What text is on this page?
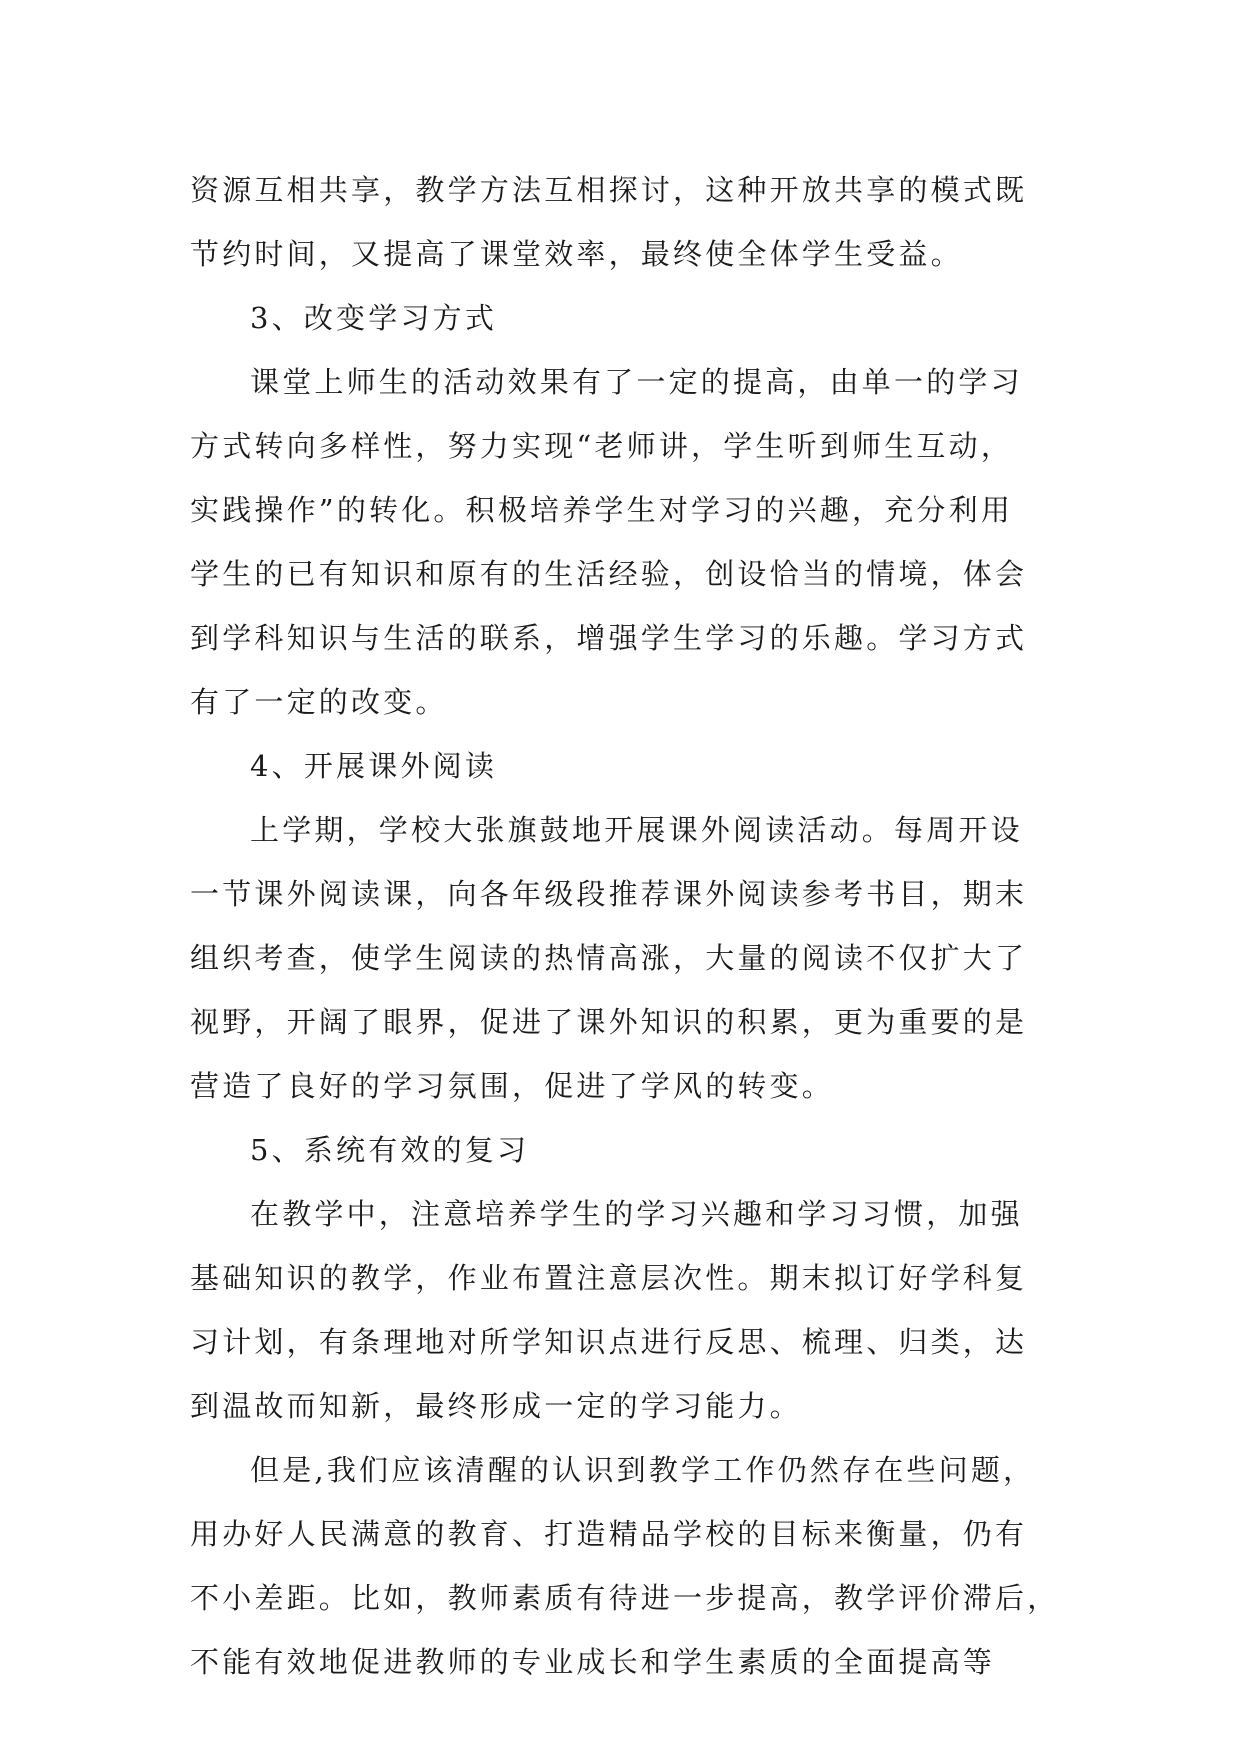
资源互相共享，教学方法互相探讨，这种开放共享的模式既
节约时间，又提高了课堂效率，最终使全体学生受益。
3、改变学习方式
课堂上师生的活动效果有了一定的提高，由单一的学习
方式转向多样性，努力实现“老师讲，学生听到师生互动，
实践操作”的转化。积极培养学生对学习的兴趣，充分利用
学生的已有知识和原有的生活经验，创设恰当的情境，体会
到学科知识与生活的联系，增强学生学习的乐趣。学习方式
有了一定的改变。
4、开展课外阅读
上学期，学校大张旗鼓地开展课外阅读活动。每周开设
一节课外阅读课，向各年级段推荐课外阅读参考书目，期末
组织考查，使学生阅读的热情高涨，大量的阅读不仅扩大了
视野，开阔了眼界，促进了课外知识的积累，更为重要的是
营造了良好的学习氛围，促进了学风的转变。
5、系统有效的复习
在教学中，注意培养学生的学习兴趣和学习习惯，加强
基础知识的教学，作业布置注意层次性。期末拟订好学科复
习计划，有条理地对所学知识点进行反思、梳理、归类，达
到温故而知新，最终形成一定的学习能力。
但是,我们应该清醒的认识到教学工作仍然存在些问题，
用办好人民满意的教育、打造精品学校的目标来衡量，仍有
不小差距。比如，教师素质有待进一步提高，教学评价滞后，
不能有效地促进教师的专业成长和学生素质的全面提高等
